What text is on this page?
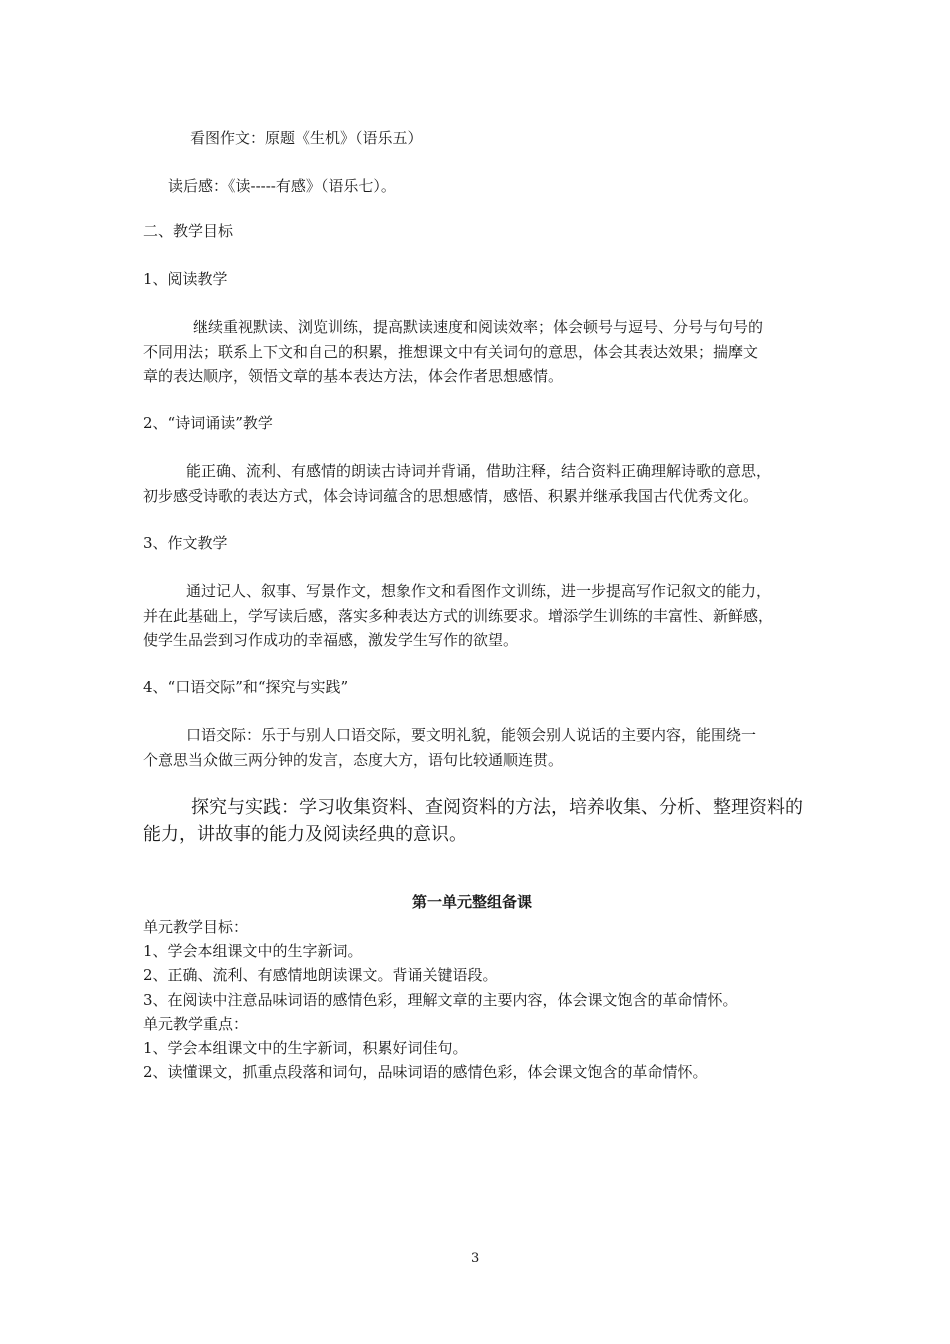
看图作文：原题《生机》（语乐五）
读后感：《读-----有感》（语乐七）。
二、教学目标
1、阅读教学
继续重视默读、浏览训练，提高默读速度和阅读效率；体会顿号与逗号、分号与句号的
不同用法；联系上下文和自己的积累，推想课文中有关词句的意思，体会其表达效果；揣摩文
章的表达顺序，领悟文章的基本表达方法，体会作者思想感情。
2、“诗词诵读”教学
能正确、流利、有感情的朗读古诗词并背诵，借助注释，结合资料正确理解诗歌的意思，
初步感受诗歌的表达方式，体会诗词蕴含的思想感情，感悟、积累并继承我国古代优秀文化。
3、作文教学
通过记人、叙事、写景作文，想象作文和看图作文训练，进一步提高写作记叙文的能力，
并在此基础上，学写读后感，落实多种表达方式的训练要求。增添学生训练的丰富性、新鲜感，
使学生品尝到习作成功的幸福感，激发学生写作的欲望。
4、“口语交际”和“探究与实践”
口语交际：乐于与别人口语交际，要文明礼貌，能领会别人说话的主要内容，能围绕一
个意思当众做三两分钟的发言，态度大方，语句比较通顺连贯。
探究与实践：学习收集资料、查阅资料的方法，培养收集、分析、整理资料的
能力，讲故事的能力及阅读经典的意识。
第一单元整组备课
单元教学目标：
1、学会本组课文中的生字新词。
2、正确、流利、有感情地朗读课文。背诵关键语段。
3、在阅读中注意品味词语的感情色彩，理解文章的主要内容，体会课文饱含的革命情怀。
单元教学重点：
1、学会本组课文中的生字新词，积累好词佳句。
2、读懂课文，抓重点段落和词句，品味词语的感情色彩，体会课文饱含的革命情怀。
3
